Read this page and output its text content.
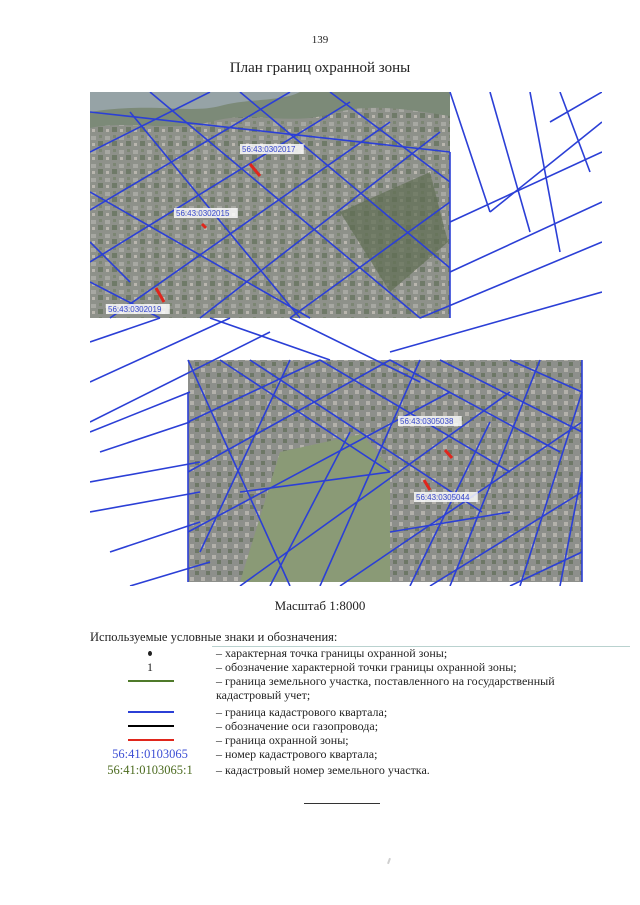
139
План границ охранной зоны
56:43:0302017
56:43:0302015
56:43:0302019
56:43:0305038
56:43:0305044
Масштаб 1:8000
Используемые условные знаки и обозначения:
– характерная точка границы охранной зоны;
1	– обозначение характерной точки границы охранной зоны;
– граница земельного участка, поставленного на государственный кадастровый учет;
– граница кадастрового квартала;
– обозначение оси газопровода;
– граница охранной зоны;
56:41:0103065	– номер кадастрового квартала;
56:41:0103065:1	– кадастровый номер земельного участка.
